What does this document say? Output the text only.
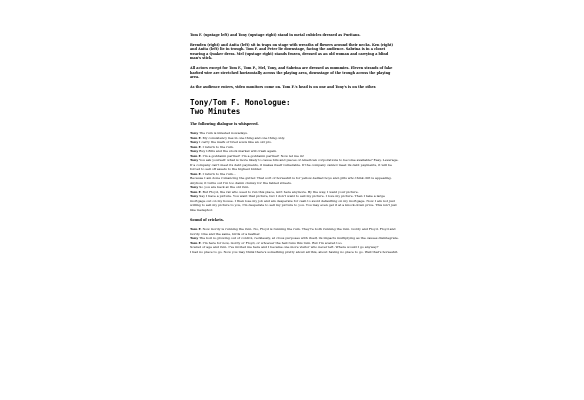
Tom F. (upstage left) and Tony (upstage right) stand in metal cubicles dressed as Puritans.

Brenden (right) and Anita (left) sit in traps on stage with wreaths of flowers around their necks. Ken (right) and Anita (left) lie in trough. Tom F. and Peter lie downstage, facing the audience. Sabrina is in a closet wearing a Quaker dress. Mel (upstage right) stands frozen, dressed as an old woman and carrying a blind man's stick.

All actors except for Tom F., Tom P., Mel, Tony, and Sabrina are dressed as mummies. Eleven strands of fake barbed wire are stretched horizontally across the playing area, downstage of the trough across the playing area.

As the audience enters, video monitors come on. Tom F.'s head is on one and Tony's is on the other.

Tony/Tom F. Monologue:
Two Minutes
The following dialogue is whispered.
Tony The ruin is infested nowadays.
Tom F. My consistency lies in one thing and one thing only.
Tony I carry the mark of tired souls like an old pro.
Tom F. I return to the ruin.
Tony Buy LBOs and the stock market will crash again.
Tom F. I'm a goddamn partner! I'm a goddamn partner! Now let me in!
Tony You ask yourself: what is more likely to cause bits and pieces of American corporations to become available? Easy. Leverage.
If a company can't meet its debt payments, it makes itself vulnerable. If the company cannot meet its debt payments, it will be forced to sell off assets to the highest bidder.
Tom F. I return to the ruin...
Because I am done romancing the gutter. That sort of horseshit is for yellow-bellied boys and girls who think dirt is appealing. Anyhow, it turns out I'm too damn clumsy for the fabled streets.
Tony So you are back at the old ruin.
Tom F. But Floyd, the rat who used to run this place, isn't here anymore. By the way, I want your picture.
Tony Say I have a picture. You want that picture, but I don't want to sell my picture. I love my picture. Then I take a large mortgage out on my house. I then lose my job and am desperate for cash to avoid defaulting on my mortgage. Now I am not just willing to sell my picture to you, I'm desperate to sell my picture to you. You may even get it at a knock-down price. This isn't just like metaphor.
Sound of crickets.
Tom F. Now Gordy is running the ruin. No, Floyd is running the ruin. They're both running the ruin. Gordy and Floyd. Floyd and Gordy. One and the same, birds of a feather.
Tony The boil is growing out of control, recklessly, at cross purposes with itself, its impacts multiplying as the causes disintegrate.
Tom F. I'm here for now, Gordy or Floyd, or whoever the hell runs this ruin. But I'm scared too.
Scared of age and ruin. I've invited me here and I became one more visitor who never left. Where would I go anyway?
I had no place to go. Now you may think there's something pretty about all this, about having no place to go. Well that's horseshit.
